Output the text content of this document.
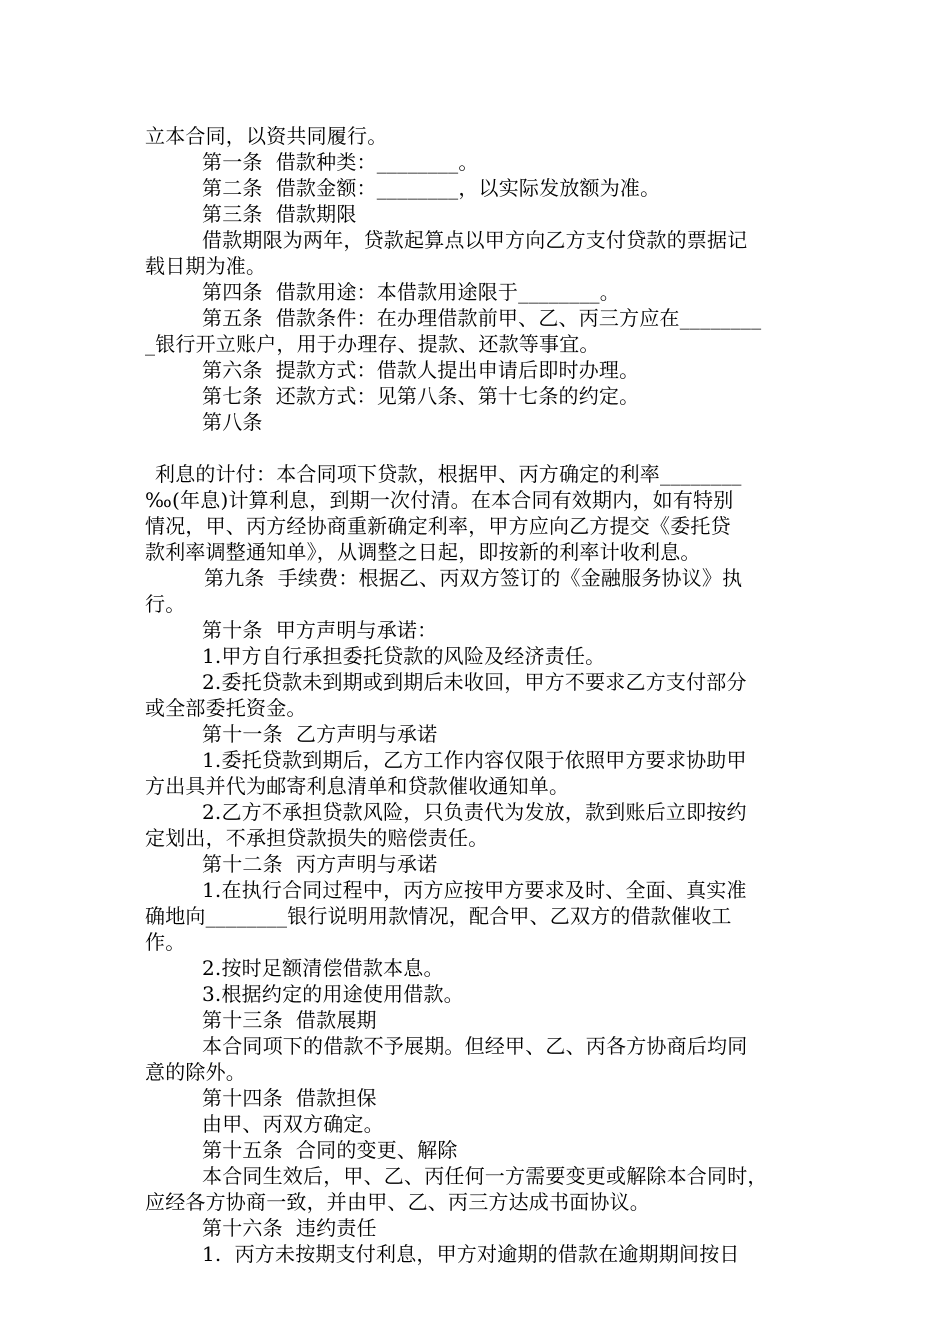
立本合同，以资共同履行。
第一条  借款种类：________。
第二条  借款金额：________，以实际发放额为准。
第三条  借款期限
借款期限为两年，贷款起算点以甲方向乙方支付贷款的票据记
载日期为准。
第四条  借款用途：本借款用途限于________。
第五条  借款条件：在办理借款前甲、乙、丙三方应在________
_银行开立账户，用于办理存、提款、还款等事宜。
第六条  提款方式：借款人提出申请后即时办理。
第七条  还款方式：见第八条、第十七条的约定。
第八条
利息的计付：本合同项下贷款，根据甲、丙方确定的利率________
‰(年息)计算利息，到期一次付清。在本合同有效期内，如有特别
情况，甲、丙方经协商重新确定利率，甲方应向乙方提交《委托贷
款利率调整通知单》，从调整之日起，即按新的利率计收利息。
第九条  手续费：根据乙、丙双方签订的《金融服务协议》执
行。
第十条  甲方声明与承诺：
1.甲方自行承担委托贷款的风险及经济责任。
2.委托贷款未到期或到期后未收回，甲方不要求乙方支付部分
或全部委托资金。
第十一条  乙方声明与承诺
1.委托贷款到期后，乙方工作内容仅限于依照甲方要求协助甲
方出具并代为邮寄利息清单和贷款催收通知单。
2.乙方不承担贷款风险，只负责代为发放，款到账后立即按约
定划出，不承担贷款损失的赔偿责任。
第十二条  丙方声明与承诺
1.在执行合同过程中，丙方应按甲方要求及时、全面、真实准
确地向________银行说明用款情况，配合甲、乙双方的借款催收工
作。
2.按时足额清偿借款本息。
3.根据约定的用途使用借款。
第十三条  借款展期
本合同项下的借款不予展期。但经甲、乙、丙各方协商后均同
意的除外。
第十四条  借款担保
由甲、丙双方确定。
第十五条  合同的变更、解除
本合同生效后，甲、乙、丙任何一方需要变更或解除本合同时，
应经各方协商一致，并由甲、乙、丙三方达成书面协议。
第十六条  违约责任
1.  丙方未按期支付利息，甲方对逾期的借款在逾期期间按日
